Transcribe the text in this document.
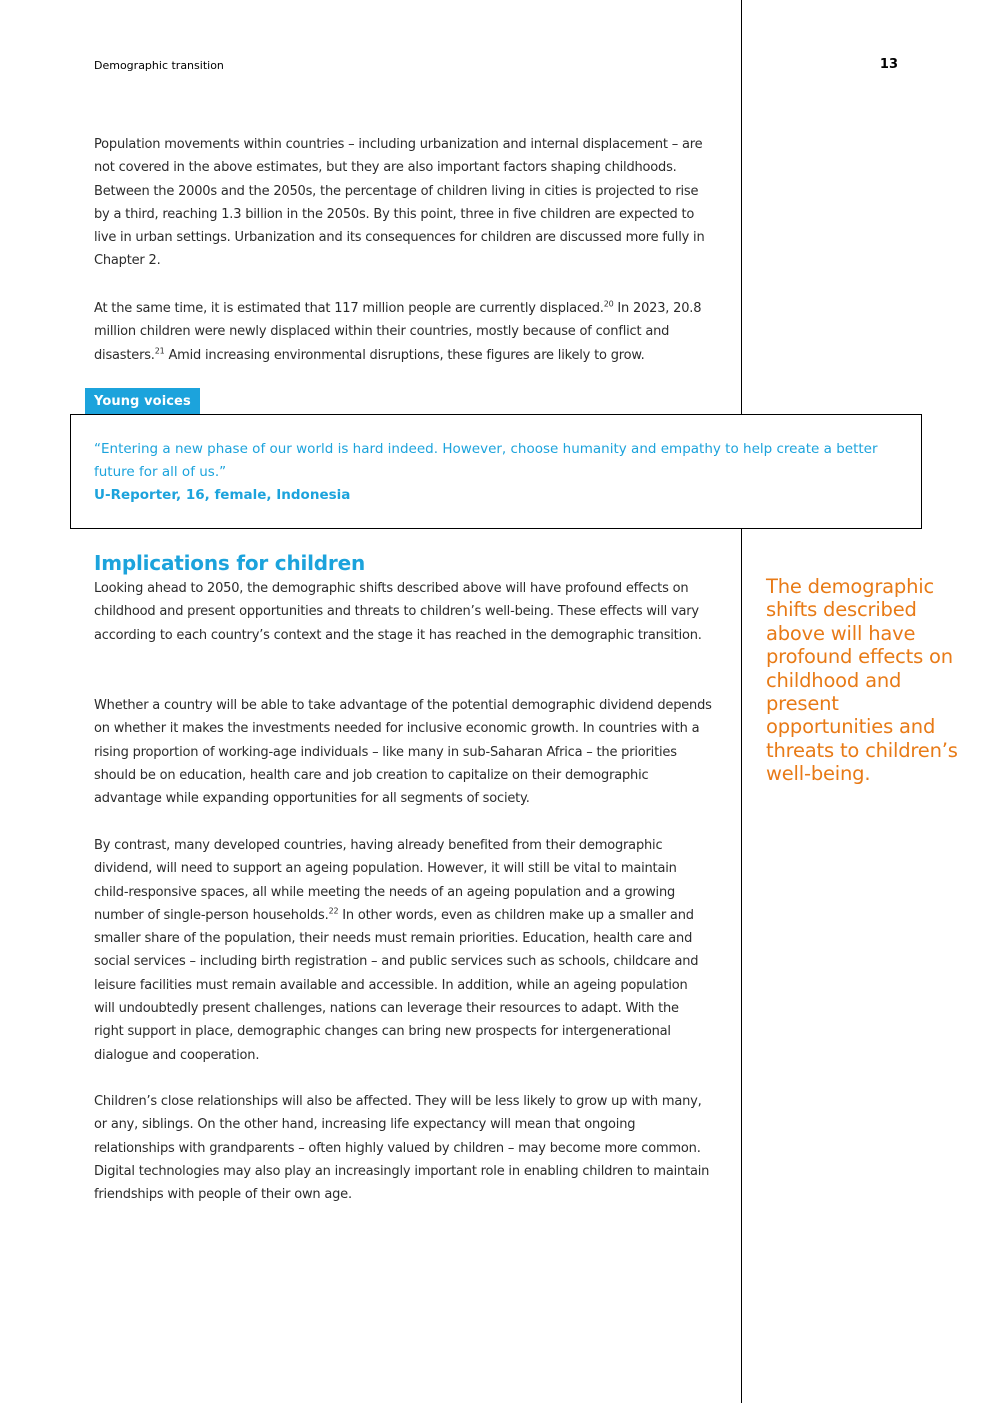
Demographic transition	13

Population movements within countries – including urbanization and internal displacement – are not covered in the above estimates, but they are also important factors shaping childhoods. Between the 2000s and the 2050s, the percentage of children living in cities is projected to rise by a third, reaching 1.3 billion in the 2050s. By this point, three in five children are expected to live in urban settings. Urbanization and its consequences for children are discussed more fully in Chapter 2.

At the same time, it is estimated that 117 million people are currently displaced.$^{20}$ In 2023, 20.8 million children were newly displaced within their countries, mostly because of conflict and disasters.$^{21}$ Amid increasing environmental disruptions, these figures are likely to grow.

Young voices

“Entering a new phase of our world is hard indeed. However, choose humanity and empathy to help create a better future for all of us.”

U-Reporter, 16, female, Indonesia

Implications for children

Looking ahead to 2050, the demographic shifts described above will have profound effects on childhood and present opportunities and threats to children’s well-being. These effects will vary according to each country’s context and the stage it has reached in the demographic transition.

Whether a country will be able to take advantage of the potential demographic dividend depends on whether it makes the investments needed for inclusive economic growth. In countries with a rising proportion of working-age individuals – like many in sub-Saharan Africa – the priorities should be on education, health care and job creation to capitalize on their demographic advantage while expanding opportunities for all segments of society.

By contrast, many developed countries, having already benefited from their demographic dividend, will need to support an ageing population. However, it will still be vital to maintain child-responsive spaces, all while meeting the needs of an ageing population and a growing number of single-person households.$^{22}$ In other words, even as children make up a smaller and smaller share of the population, their needs must remain priorities. Education, health care and social services – including birth registration – and public services such as schools, childcare and leisure facilities must remain available and accessible. In addition, while an ageing population will undoubtedly present challenges, nations can leverage their resources to adapt. With the right support in place, demographic changes can bring new prospects for intergenerational dialogue and cooperation.

Children’s close relationships will also be affected. They will be less likely to grow up with many, or any, siblings. On the other hand, increasing life expectancy will mean that ongoing relationships with grandparents – often highly valued by children – may become more common. Digital technologies may also play an increasingly important role in enabling children to maintain friendships with people of their own age.

The demographic shifts described above will have profound effects on childhood and present opportunities and threats to children’s well-being.
